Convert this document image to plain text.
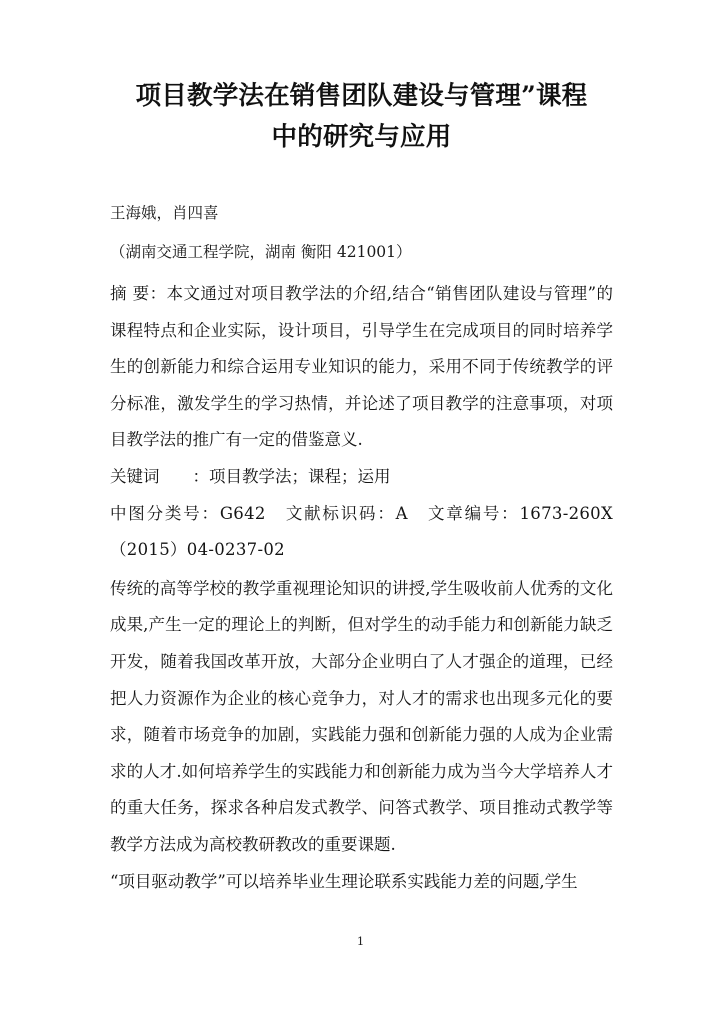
项目教学法在销售团队建设与管理”课程
中的研究与应用
王海娥，肖四喜
（湖南交通工程学院，湖南 衡阳 421001）

摘 要：本文通过对项目教学法的介绍,结合“销售团队建设与管理”的课程特点和企业实际，设计项目，引导学生在完成项目的同时培养学生的创新能力和综合运用专业知识的能力，采用不同于传统教学的评分标准，激发学生的学习热情，并论述了项目教学的注意事项，对项目教学法的推广有一定的借鉴意义.

关键词　　 ：项目教学法；课程；运用
中图分类号：G642　 文献标识码：A　 文章编号：1673-260X（2015）04-0237-02

传统的高等学校的教学重视理论知识的讲授,学生吸收前人优秀的文化成果,产生一定的理论上的判断，但对学生的动手能力和创新能力缺乏开发，随着我国改革开放，大部分企业明白了人才强企的道理，已经把人力资源作为企业的核心竞争力，对人才的需求也出现多元化的要求，随着市场竞争的加剧，实践能力强和创新能力强的人成为企业需求的人才.如何培养学生的实践能力和创新能力成为当今大学培养人才的重大任务，探求各种启发式教学、问答式教学、项目推动式教学等教学方法成为高校教研教改的重要课题.

“项目驱动教学”可以培养毕业生理论联系实践能力差的问题,学生

1
